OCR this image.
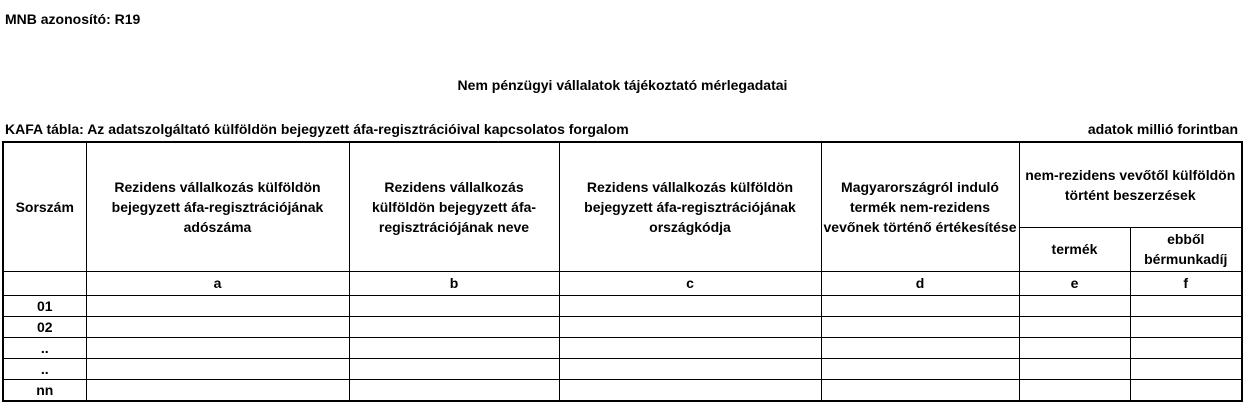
MNB azonosító: R19
Nem pénzügyi vállalatok tájékoztató mérlegadatai
KAFA tábla: Az adatszolgáltató külföldön bejegyzett áfa-regisztrációival kapcsolatos forgalom	adatok millió forintban
Sorszám	Rezidens vállalkozás külföldön bejegyzett áfa-regisztrációjának adószáma	Rezidens vállalkozás külföldön bejegyzett áfa-regisztrációjának neve	Rezidens vállalkozás külföldön bejegyzett áfa-regisztrációjának országkódja	Magyarországról induló termék nem-rezidens vevőnek történő értékesítése	nem-rezidens vevőtől külföldön történt beszerzések	

					termék	ebből bérmunkadíj

	a	b	c	d	e	f
01						
02						
..						
..						
nn						
